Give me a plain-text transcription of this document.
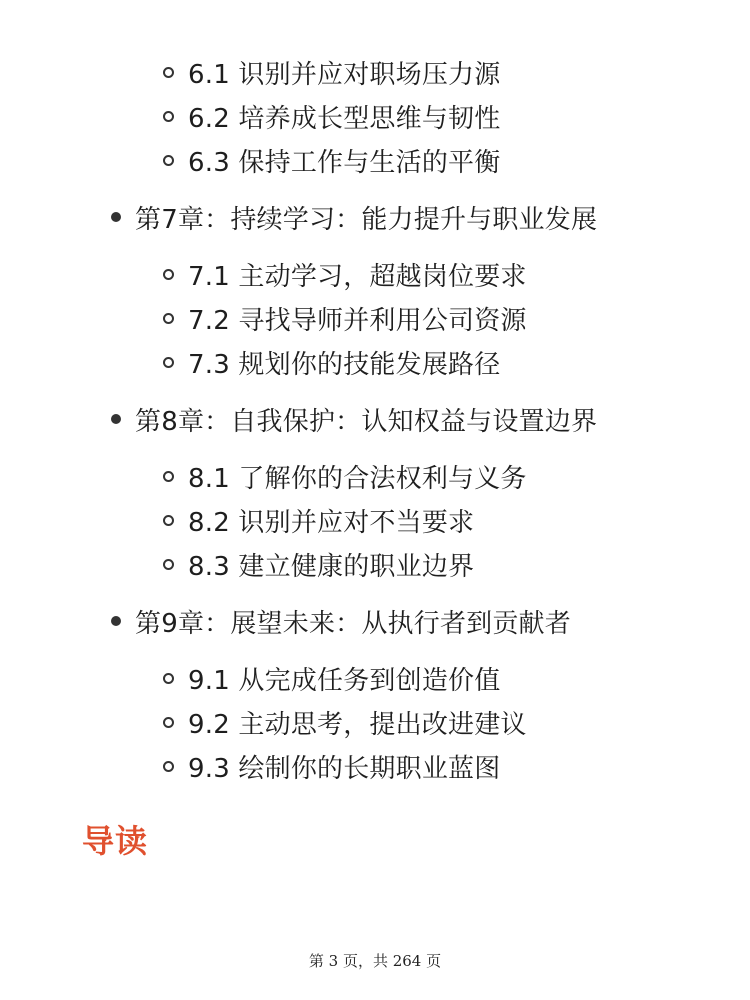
6.1 识别并应对职场压力源
6.2 培养成长型思维与韧性
6.3 保持工作与生活的平衡
第7章：持续学习：能力提升与职业发展
7.1 主动学习，超越岗位要求
7.2 寻找导师并利用公司资源
7.3 规划你的技能发展路径
第8章：自我保护：认知权益与设置边界
8.1 了解你的合法权利与义务
8.2 识别并应对不当要求
8.3 建立健康的职业边界
第9章：展望未来：从执行者到贡献者
9.1 从完成任务到创造价值
9.2 主动思考，提出改进建议
9.3 绘制你的长期职业蓝图
导读
第 3 页，共 264 页
